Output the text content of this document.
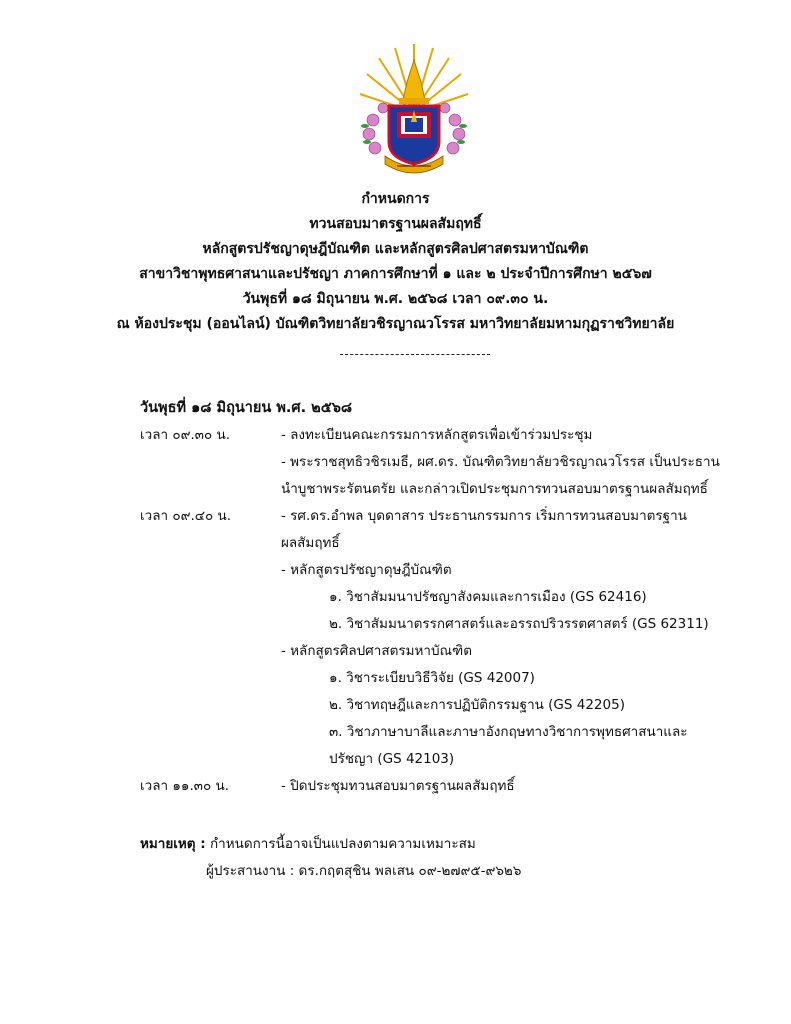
กำหนดการ
ทวนสอบมาตรฐานผลสัมฤทธิ์
หลักสูตรปรัชญาดุษฎีบัณฑิต และหลักสูตรศิลปศาสตรมหาบัณฑิต
สาขาวิชาพุทธศาสนาและปรัชญา ภาคการศึกษาที่ ๑ และ ๒ ประจำปีการศึกษา ๒๕๖๗
วันพุธที่ ๑๘ มิถุนายน พ.ศ. ๒๕๖๘ เวลา ๐๙.๓๐ น.
ณ ห้องประชุม (ออนไลน์) บัณฑิตวิทยาลัยวชิรญาณวโรรส มหาวิทยาลัยมหามกุฏราชวิทยาลัย
วันพุธที่ ๑๘ มิถุนายน พ.ศ. ๒๕๖๘
เวลา ๐๙.๓๐ น.	- ลงทะเบียนคณะกรรมการหลักสูตรเพื่อเข้าร่วมประชุม
- พระราชสุทธิวชิรเมธี, ผศ.ดร. บัณฑิตวิทยาลัยวชิรญาณวโรรส เป็นประธาน
นำบูชาพระรัตนตรัย และกล่าวเปิดประชุมการทวนสอบมาตรฐานผลสัมฤทธิ์
เวลา ๐๙.๔๐ น.	- รศ.ดร.อำพล บุดดาสาร ประธานกรรมการ เริ่มการทวนสอบมาตรฐาน
ผลสัมฤทธิ์
- หลักสูตรปรัชญาดุษฎีบัณฑิต
๑. วิชาสัมมนาปรัชญาสังคมและการเมือง (GS 62416)
๒. วิชาสัมมนาตรรกศาสตร์และอรรถปริวรรตศาสตร์ (GS 62311)
- หลักสูตรศิลปศาสตรมหาบัณฑิต
๑. วิชาระเบียบวิธีวิจัย (GS 42007)
๒. วิชาทฤษฎีและการปฏิบัติกรรมฐาน (GS 42205)
๓. วิชาภาษาบาลีและภาษาอังกฤษทางวิชาการพุทธศาสนาและ
ปรัชญา (GS 42103)
เวลา ๑๑.๓๐ น.	- ปิดประชุมทวนสอบมาตรฐานผลสัมฤทธิ์
หมายเหตุ : กำหนดการนี้อาจเป็นแปลงตามความเหมาะสม
ผู้ประสานงาน : ดร.กฤตสุชิน พลเสน ๐๙-๒๗๙๕-๙๖๒๖
